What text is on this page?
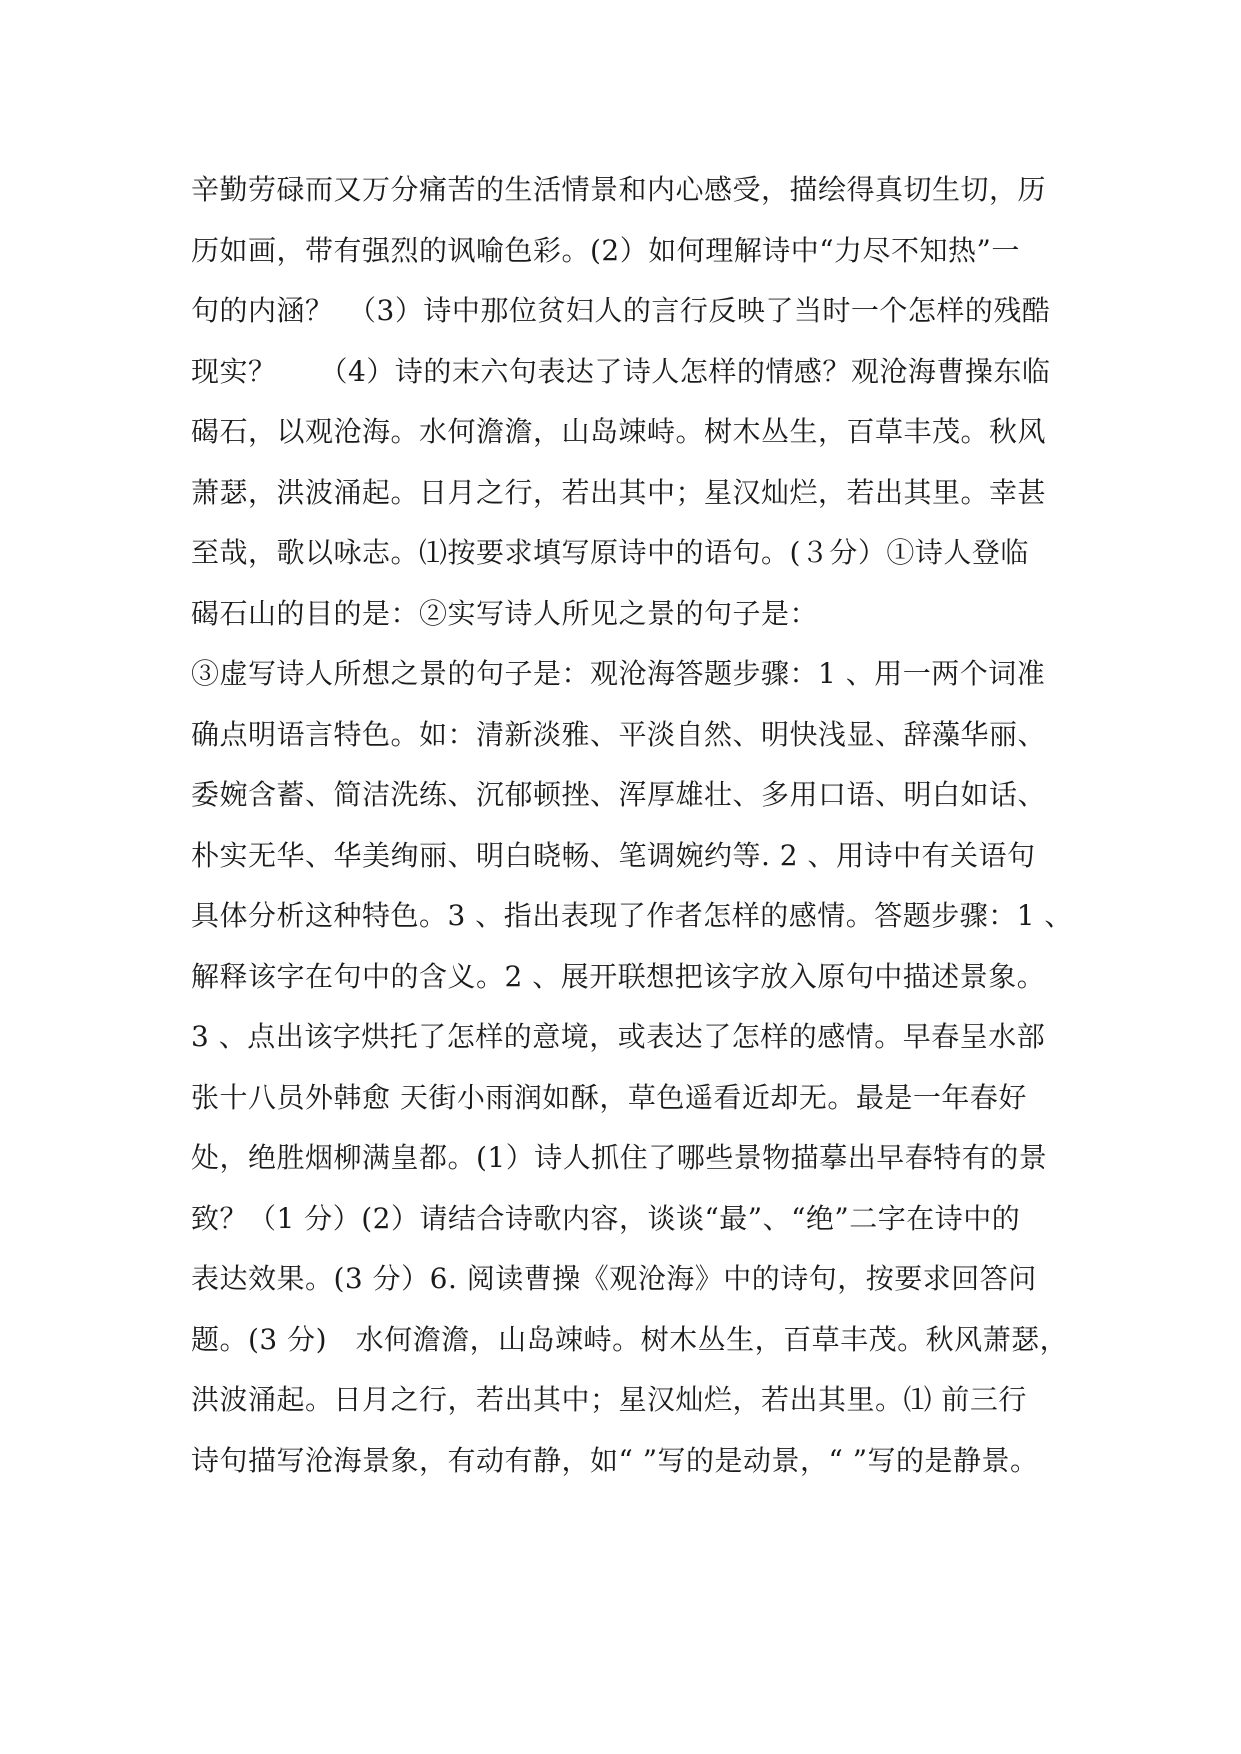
辛勤劳碌而又万分痛苦的生活情景和内心感受，描绘得真切生切，历
历如画，带有强烈的讽喻色彩。(2）如何理解诗中“力尽不知热”一
句的内涵？　（3）诗中那位贫妇人的言行反映了当时一个怎样的残酷
现实？　　（4）诗的末六句表达了诗人怎样的情感？观沧海曹操东临
碣石，以观沧海。水何澹澹，山岛竦峙。树木丛生，百草丰茂。秋风
萧瑟，洪波涌起。日月之行，若出其中；星汉灿烂，若出其里。幸甚
至哉，歌以咏志。⑴按要求填写原诗中的语句。(３分）①诗人登临
碣石山的目的是：②实写诗人所见之景的句子是：
③虚写诗人所想之景的句子是：观沧海答题步骤：1 、用一两个词准
确点明语言特色。如：清新淡雅、平淡自然、明快浅显、辞藻华丽、
委婉含蓄、简洁洗练、沉郁顿挫、浑厚雄壮、多用口语、明白如话、
朴实无华、华美绚丽、明白晓畅、笔调婉约等. 2 、用诗中有关语句
具体分析这种特色。3 、指出表现了作者怎样的感情。答题步骤：1 、
解释该字在句中的含义。2 、展开联想把该字放入原句中描述景象。
3 、点出该字烘托了怎样的意境，或表达了怎样的感情。早春呈水部
张十八员外韩愈 天街小雨润如酥，草色遥看近却无。最是一年春好
处，绝胜烟柳满皇都。(1）诗人抓住了哪些景物描摹出早春特有的景
致？（1 分）(2）请结合诗歌内容，谈谈“最”、“绝”二字在诗中的
表达效果。(3 分）6. 阅读曹操《观沧海》中的诗句，按要求回答问
题。(3 分)　水何澹澹，山岛竦峙。树木丛生，百草丰茂。秋风萧瑟，
洪波涌起。日月之行，若出其中；星汉灿烂，若出其里。⑴ 前三行
诗句描写沧海景象，有动有静，如“ ”写的是动景，“ ”写的是静景。
